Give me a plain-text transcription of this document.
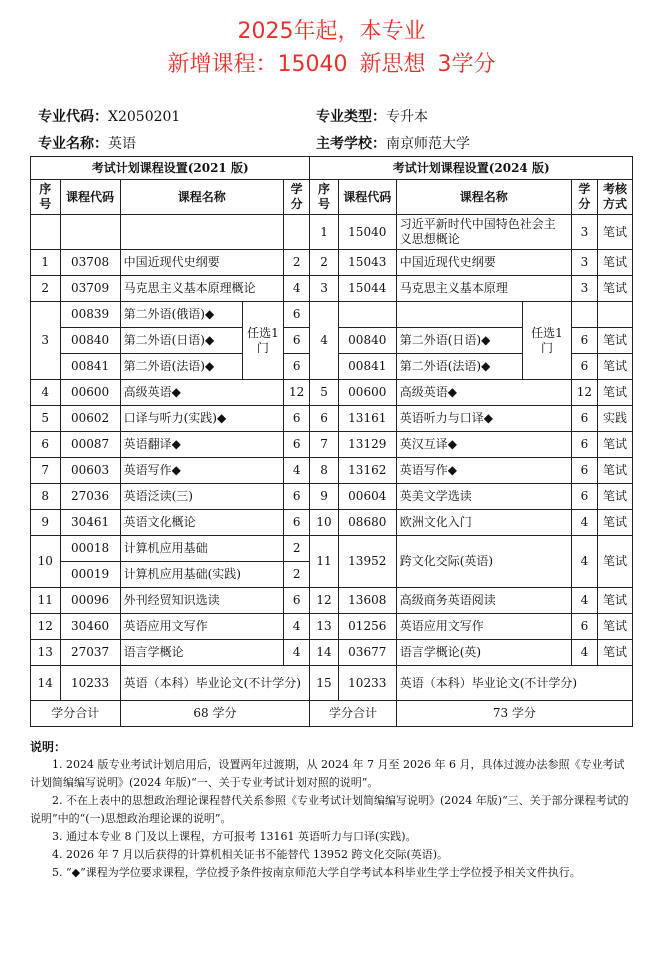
2025年起，本专业
新增课程：15040 新思想 3学分
专业代码：X2050201	专业类型：专升本
专业名称：英语	主考学校：南京师范大学
考试计划课程设置(2021 版)					考试计划课程设置(2024 版)					
序号	课程代码	课程名称		学分	序号	课程代码	课程名称		学分	考核方式
					1	15040	习近平新时代中国特色社会主义思想概论		3	笔试
1	03708	中国近现代史纲要		2	2	15043	中国近现代史纲要		3	笔试
2	03709	马克思主义基本原理概论		4	3	15044	马克思主义基本原理		3	笔试
3	00839	第二外语(俄语)◆	任选1门	6	4			任选1门		
	00840	第二外语(日语)◆		6		00840	第二外语(日语)◆		6	笔试
	00841	第二外语(法语)◆		6		00841	第二外语(法语)◆		6	笔试
4	00600	高级英语◆		12	5	00600	高级英语◆		12	笔试
5	00602	口译与听力(实践)◆		6	6	13161	英语听力与口译◆		6	实践
6	00087	英语翻译◆		6	7	13129	英汉互译◆		6	笔试
7	00603	英语写作◆		4	8	13162	英语写作◆		6	笔试
8	27036	英语泛读(三)		6	9	00604	英美文学选读		6	笔试
9	30461	英语文化概论		6	10	08680	欧洲文化入门		4	笔试
10	00018	计算机应用基础		2	11	13952	跨文化交际(英语)		4	笔试
	00019	计算机应用基础(实践)		2						
11	00096	外刊经贸知识选读		6	12	13608	高级商务英语阅读		4	笔试
12	30460	英语应用文写作		4	13	01256	英语应用文写作		6	笔试
13	27037	语言学概论		4	14	03677	语言学概论(英)		4	笔试
14	10233	英语（本科）毕业论文(不计学分)			15	10233	英语（本科）毕业论文(不计学分)			
学分合计		68 学分			学分合计		73 学分			
说明：

1. 2024 版专业考试计划启用后，设置两年过渡期，从 2024 年 7 月至 2026 年 6 月，具体过渡办法参照《专业考试计划简编编写说明》(2024 年版)“一、关于专业考试计划对照的说明”。

2. 不在上表中的思想政治理论课程替代关系参照《专业考试计划简编编写说明》(2024 年版)“三、关于部分课程考试的说明”中的“(一)思想政治理论课的说明”。

3. 通过本专业 8 门及以上课程，方可报考 13161 英语听力与口译(实践)。

4. 2026 年 7 月以后获得的计算机相关证书不能替代 13952 跨文化交际(英语)。

5. “◆”课程为学位要求课程，学位授予条件按南京师范大学自学考试本科毕业生学士学位授予相关文件执行。
